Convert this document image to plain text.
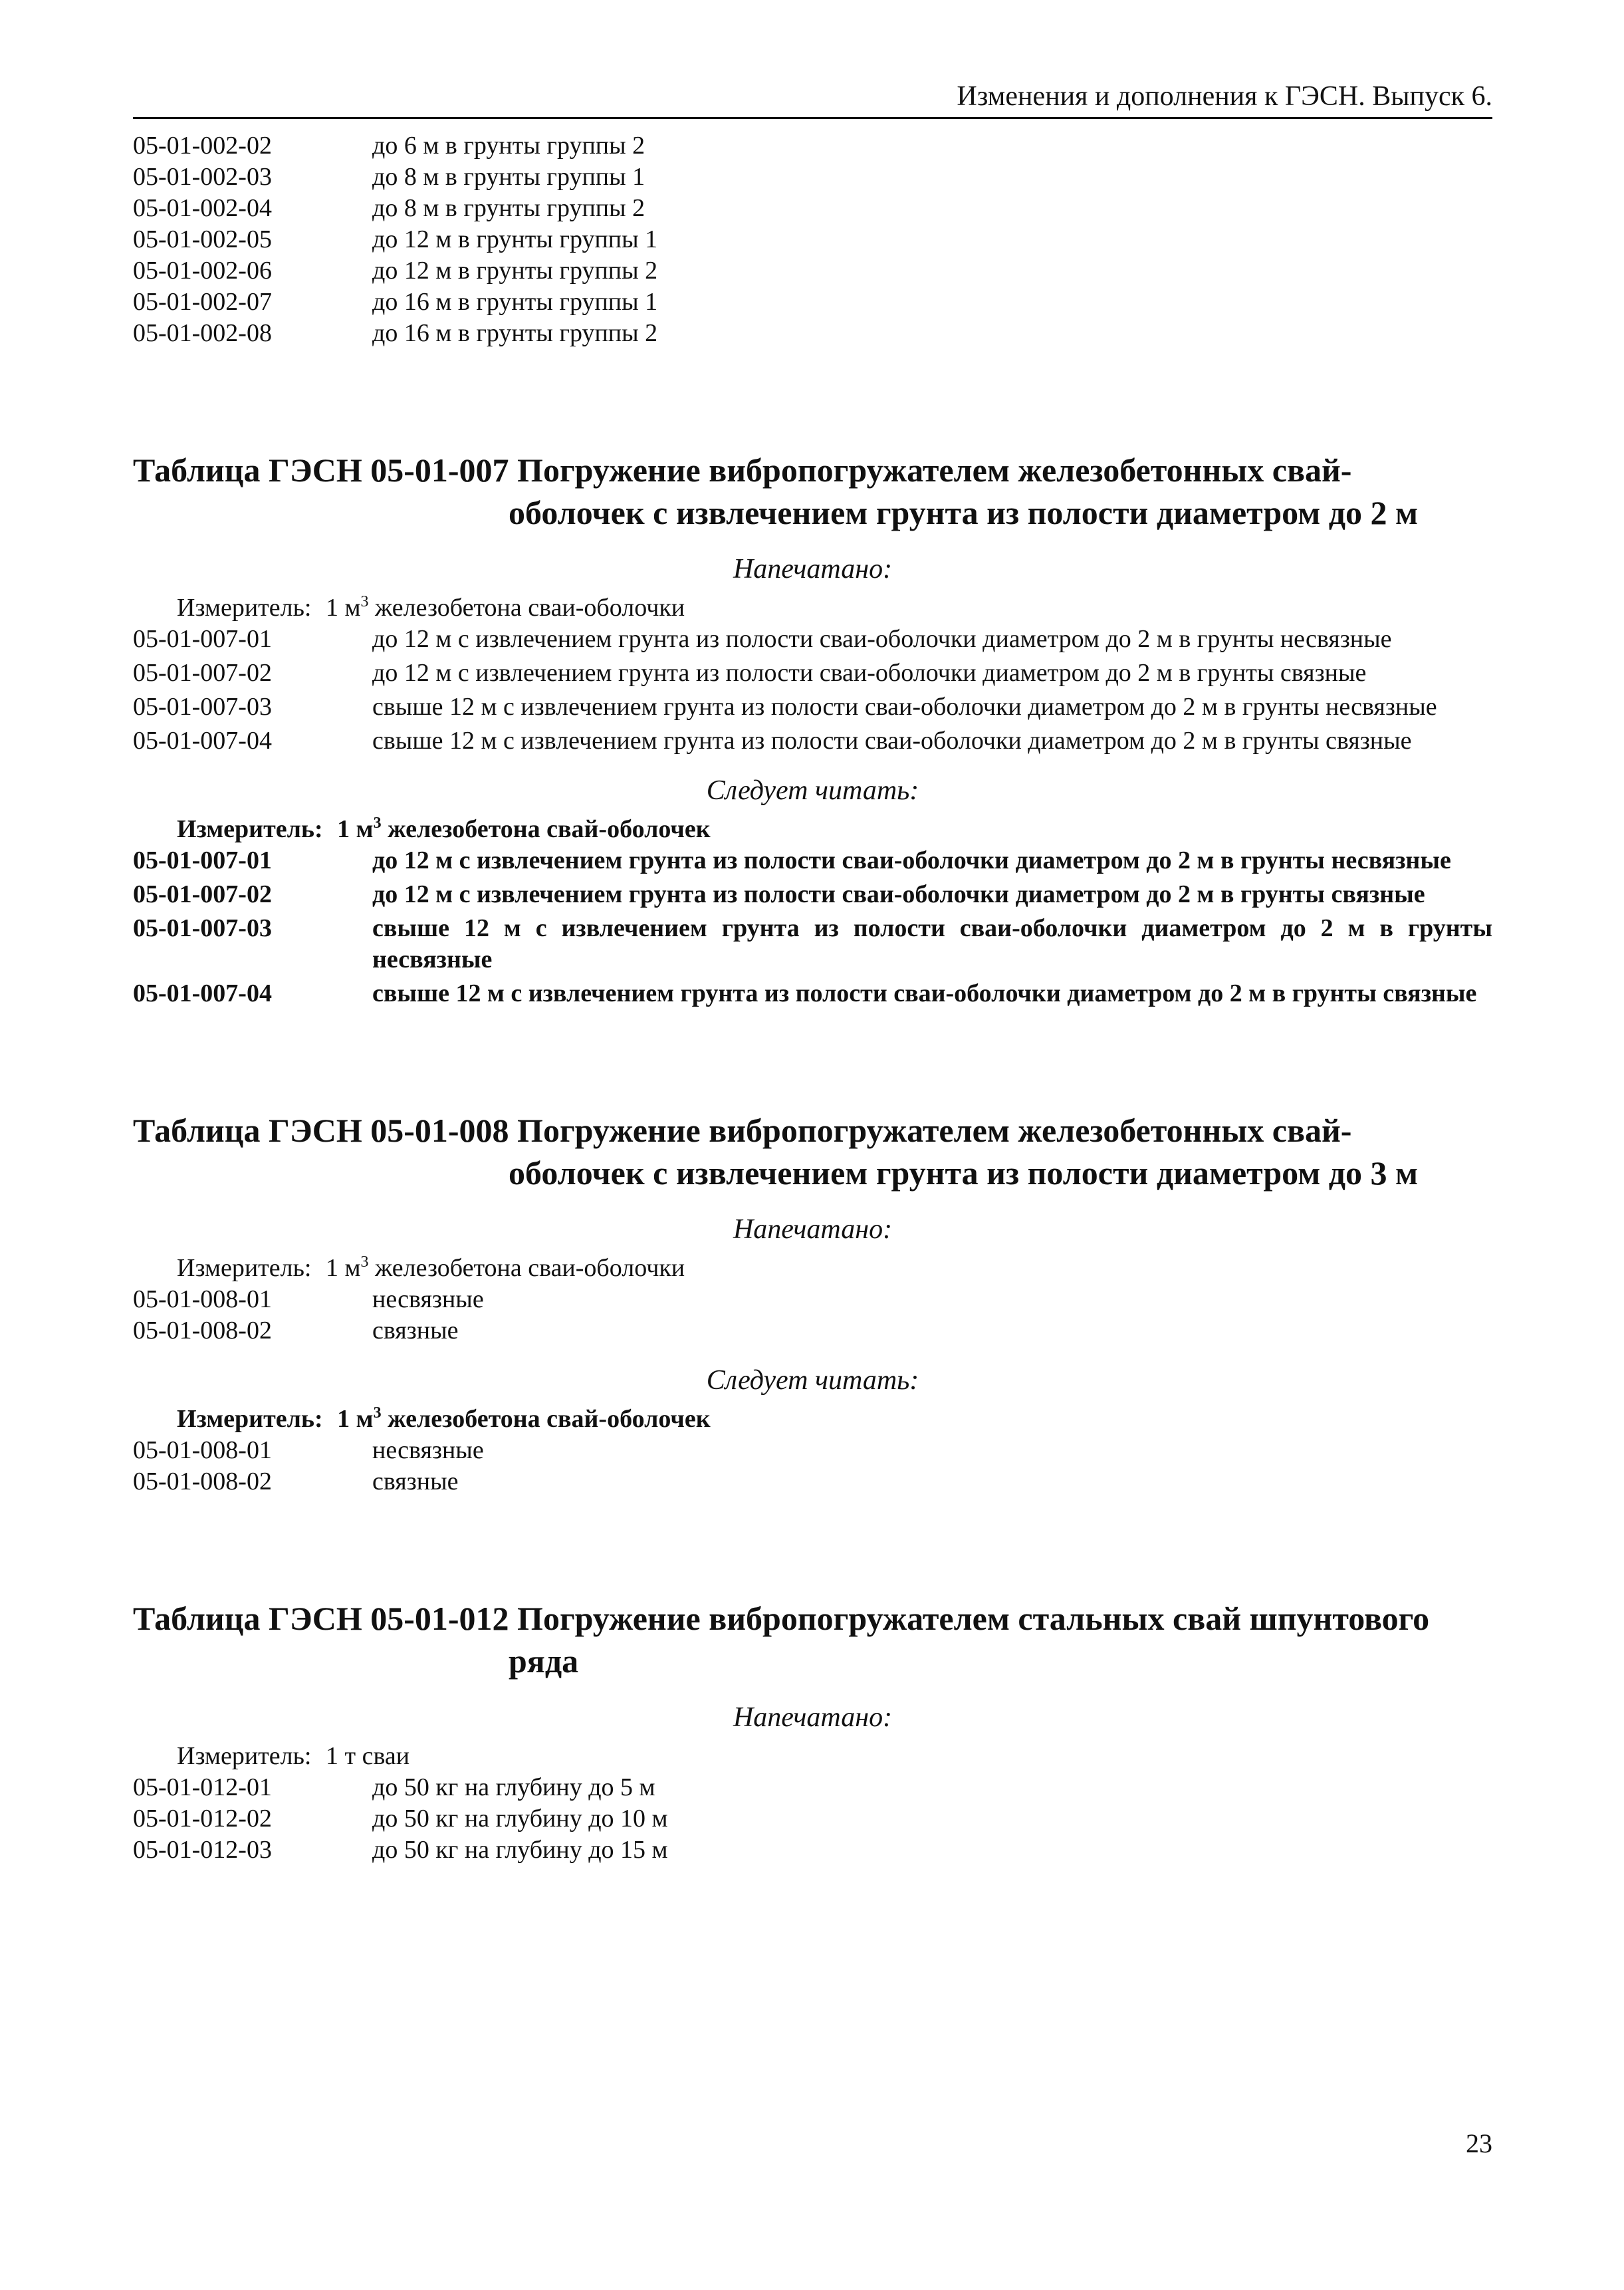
Изменения и дополнения к ГЭСН. Выпуск 6.
05-01-002-02	до 6 м в грунты группы 2
05-01-002-03	до 8 м в грунты группы 1
05-01-002-04	до 8 м в грунты группы 2
05-01-002-05	до 12 м в грунты группы 1
05-01-002-06	до 12 м в грунты группы 2
05-01-002-07	до 16 м в грунты группы 1
05-01-002-08	до 16 м в грунты группы 2
Таблица ГЭСН 05-01-007 Погружение вибропогружателем железобетонных свай-
оболочек с извлечением грунта из полости диаметром до 2 м
Напечатано:
Измеритель: 1 $м^3$ железобетона сваи-оболочки
05-01-007-01	до 12 м с извлечением грунта из полости сваи-оболочки диаметром до 2 м в грунты несвязные
05-01-007-02	до 12 м с извлечением грунта из полости сваи-оболочки диаметром до 2 м в грунты связные
05-01-007-03	свыше 12 м с извлечением грунта из полости сваи-оболочки диаметром до 2 м в грунты несвязные
05-01-007-04	свыше 12 м с извлечением грунта из полости сваи-оболочки диаметром до 2 м в грунты связные
Следует читать:
Измеритель: 1 $м^3$ железобетона свай-оболочек
05-01-007-01	до 12 м с извлечением грунта из полости сваи-оболочки диаметром до 2 м в грунты несвязные
05-01-007-02	до 12 м с извлечением грунта из полости сваи-оболочки диаметром до 2 м в грунты связные
05-01-007-03	свыше 12 м с извлечением грунта из полости сваи-оболочки диаметром до 2 м в грунты несвязные
05-01-007-04	свыше 12 м с извлечением грунта из полости сваи-оболочки диаметром до 2 м в грунты связные
Таблица ГЭСН 05-01-008 Погружение вибропогружателем железобетонных свай-
оболочек с извлечением грунта из полости диаметром до 3 м
Напечатано:
Измеритель: 1 $м^3$ железобетона сваи-оболочки
05-01-008-01	несвязные
05-01-008-02	связные
Следует читать:
Измеритель: 1 $м^3$ железобетона свай-оболочек
05-01-008-01	несвязные
05-01-008-02	связные
Таблица ГЭСН 05-01-012 Погружение вибропогружателем стальных свай шпунтового
ряда
Напечатано:
Измеритель: 1 т сваи
05-01-012-01	до 50 кг на глубину до 5 м
05-01-012-02	до 50 кг на глубину до 10 м
05-01-012-03	до 50 кг на глубину до 15 м
23
